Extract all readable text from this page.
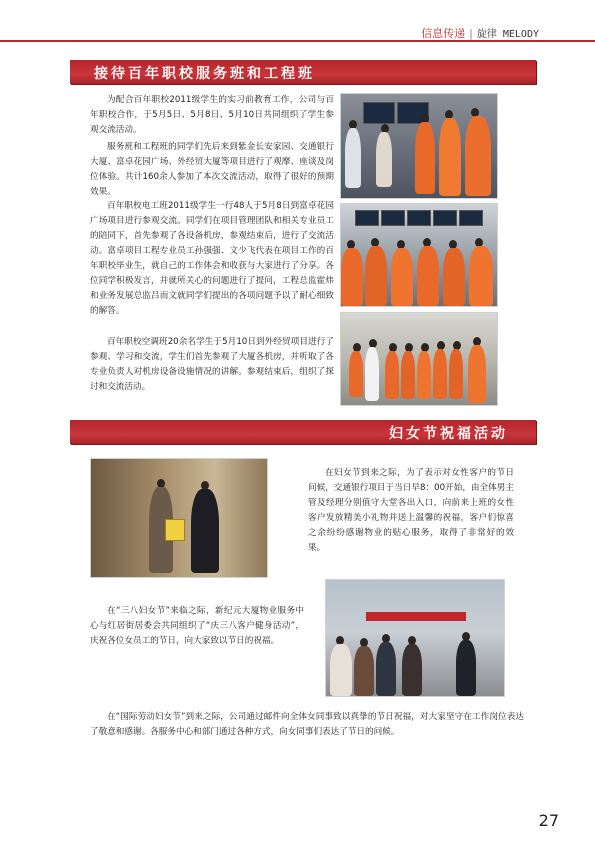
信息传递 | 旋律 MELODY
接待百年职校服务班和工程班

为配合百年职校2011级学生的实习前教育工作，公司与百年职校合作，于5月5日、5月8日、5月10日共同组织了学生参观交流活动。

服务班和工程班的同学们先后来到紫金长安家园、交通银行大厦、富卓花园广场、外经贸大厦等项目进行了观摩、座谈及岗位体验。共计160余人参加了本次交流活动，取得了很好的预期效果。

百年职校电工班2011级学生一行48人于5月8日到富卓花园广场项目进行参观交流。同学们在项目管理团队和相关专业员工的陪同下，首先参观了各设备机房，参观结束后，进行了交流活动。富卓项目工程专业员工孙强强、文少飞代表在项目工作的百年职校毕业生，就自己的工作体会和收获与大家进行了分享。各位同学积极发言，并就所关心的问题进行了提问，工程总监霍炜和业务发展总监吕而文就同学们提出的各项问题予以了耐心细致的解答。

百年职校空调班20余名学生于5月10日到外经贸项目进行了参观、学习和交流，学生们首先参观了大厦各机房，并听取了各专业负责人对机房设备设施情况的讲解。参观结束后，组织了探讨和交流活动。

妇女节祝福活动

在妇女节到来之际，为了表示对女性客户的节日问候，交通银行项目于当日早8：00开始，由全体男主管及经理分别值守大堂各出入口，向前来上班的女性客户发放精美小礼物并送上温馨的祝福，客户们惊喜之余纷纷感谢物业的贴心服务，取得了非常好的效果。

在“三八妇女节”来临之际，新纪元大厦物业服务中心与红居街居委会共同组织了“庆三八客户健身活动”，庆祝各位女员工的节日，向大家致以节日的祝福。

在“国际劳动妇女节”到来之际，公司通过邮件向全体女同事致以真挚的节日祝福，对大家坚守在工作岗位表达了敬意和感谢。各服务中心和部门通过各种方式，向女同事们表达了节日的问候。

27
